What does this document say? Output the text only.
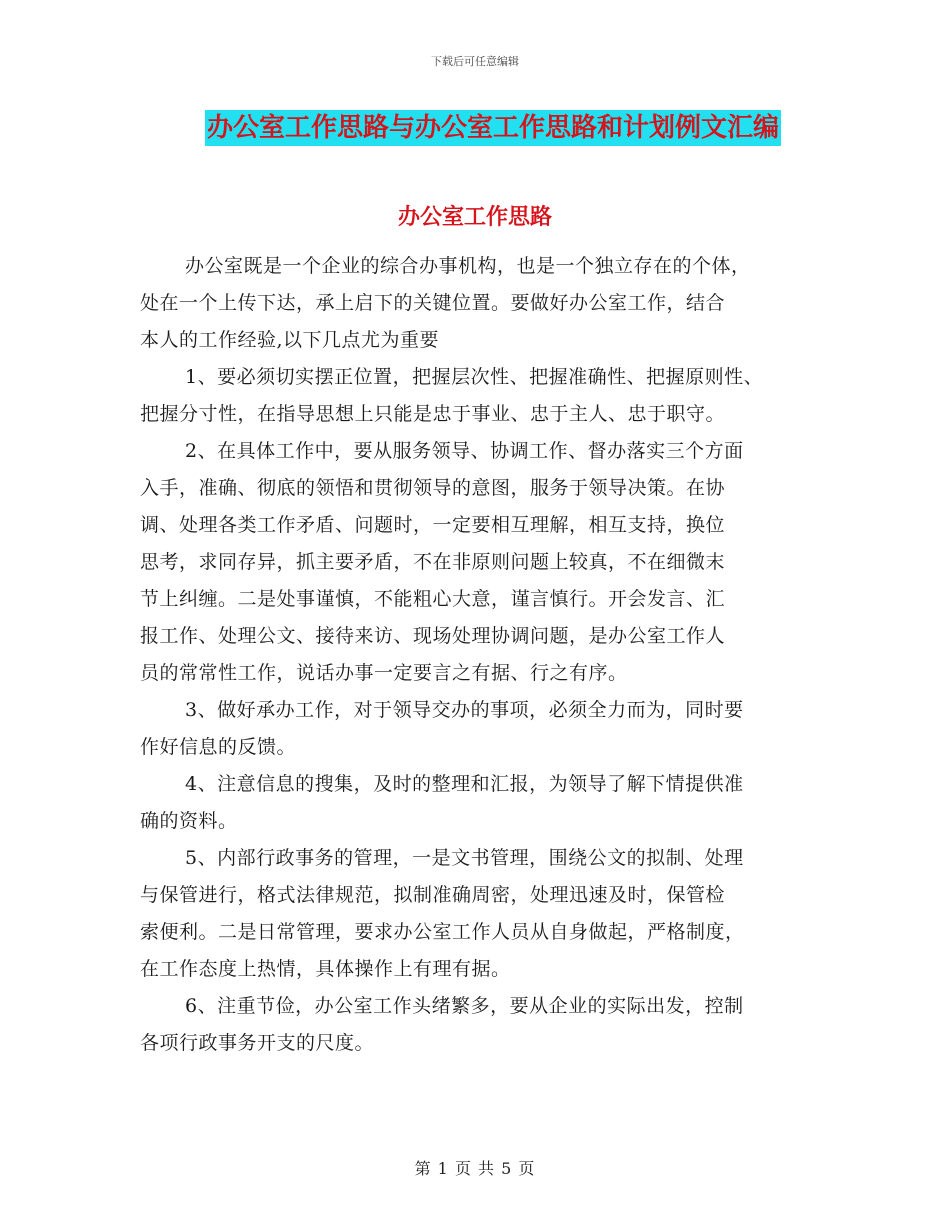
下载后可任意编辑
办公室工作思路与办公室工作思路和计划例文汇编
办公室工作思路
办公室既是一个企业的综合办事机构，也是一个独立存在的个体，
处在一个上传下达，承上启下的关键位置。要做好办公室工作，结合
本人的工作经验,以下几点尤为重要
1、要必须切实摆正位置，把握层次性、把握准确性、把握原则性、
把握分寸性，在指导思想上只能是忠于事业、忠于主人、忠于职守。
2、在具体工作中，要从服务领导、协调工作、督办落实三个方面
入手，准确、彻底的领悟和贯彻领导的意图，服务于领导决策。在协
调、处理各类工作矛盾、问题时，一定要相互理解，相互支持，换位
思考，求同存异，抓主要矛盾，不在非原则问题上较真，不在细微末
节上纠缠。二是处事谨慎，不能粗心大意，谨言慎行。开会发言、汇
报工作、处理公文、接待来访、现场处理协调问题，是办公室工作人
员的常常性工作，说话办事一定要言之有据、行之有序。
3、做好承办工作，对于领导交办的事项，必须全力而为，同时要
作好信息的反馈。
4、注意信息的搜集，及时的整理和汇报，为领导了解下情提供准
确的资料。
5、内部行政事务的管理，一是文书管理，围绕公文的拟制、处理
与保管进行，格式法律规范，拟制准确周密，处理迅速及时，保管检
索便利。二是日常管理，要求办公室工作人员从自身做起，严格制度，
在工作态度上热情，具体操作上有理有据。
6、注重节俭，办公室工作头绪繁多，要从企业的实际出发，控制
各项行政事务开支的尺度。
第 1 页 共 5 页
